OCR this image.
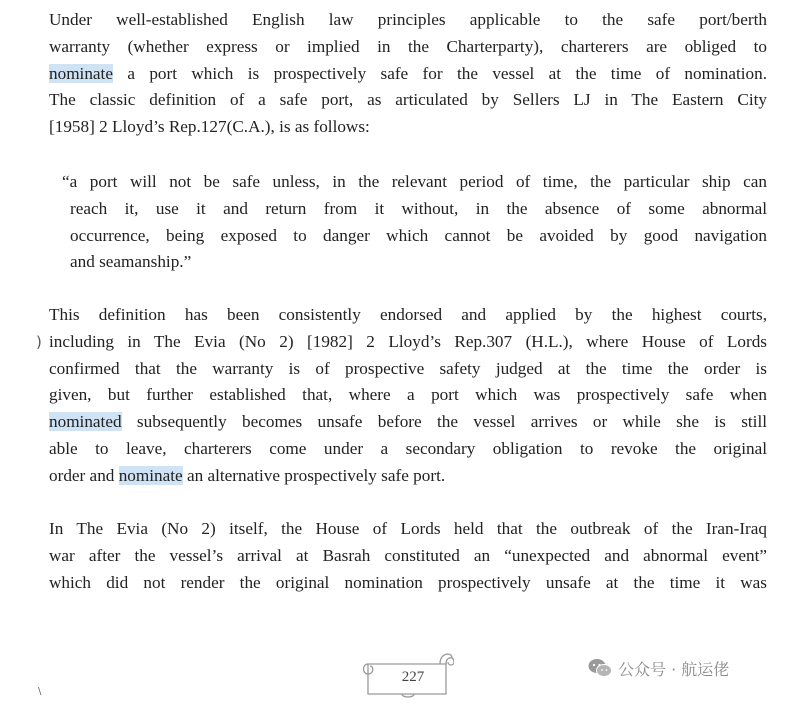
Under well-established English law principles applicable to the safe port/berth
warranty (whether express or implied in the Charterparty), charterers are obliged to
nominate a port which is prospectively safe for the vessel at the time of nomination.
The classic definition of a safe port, as articulated by Sellers LJ in The Eastern City
[1958] 2 Lloyd’s Rep.127(C.A.), is as follows:
“a port will not be safe unless, in the relevant period of time, the particular ship can
reach it, use it and return from it without, in the absence of some abnormal
occurrence, being exposed to danger which cannot be avoided by good navigation
and seamanship.”
This definition has been consistently endorsed and applied by the highest courts,
including in The Evia (No 2) [1982] 2 Lloyd’s Rep.307 (H.L.), where House of Lords
confirmed that the warranty is of prospective safety judged at the time the order is
given, but further established that, where a port which was prospectively safe when
nominated subsequently becomes unsafe before the vessel arrives or while she is still
able to leave, charterers come under a secondary obligation to revoke the original
order and nominate an alternative prospectively safe port.
In The Evia (No 2) itself, the House of Lords held that the outbreak of the Iran-Iraq
war after the vessel’s arrival at Basrah constituted an “unexpected and abnormal event”
which did not render the original nomination prospectively unsafe at the time it was
)
\
227	公众号 · 航运佬
